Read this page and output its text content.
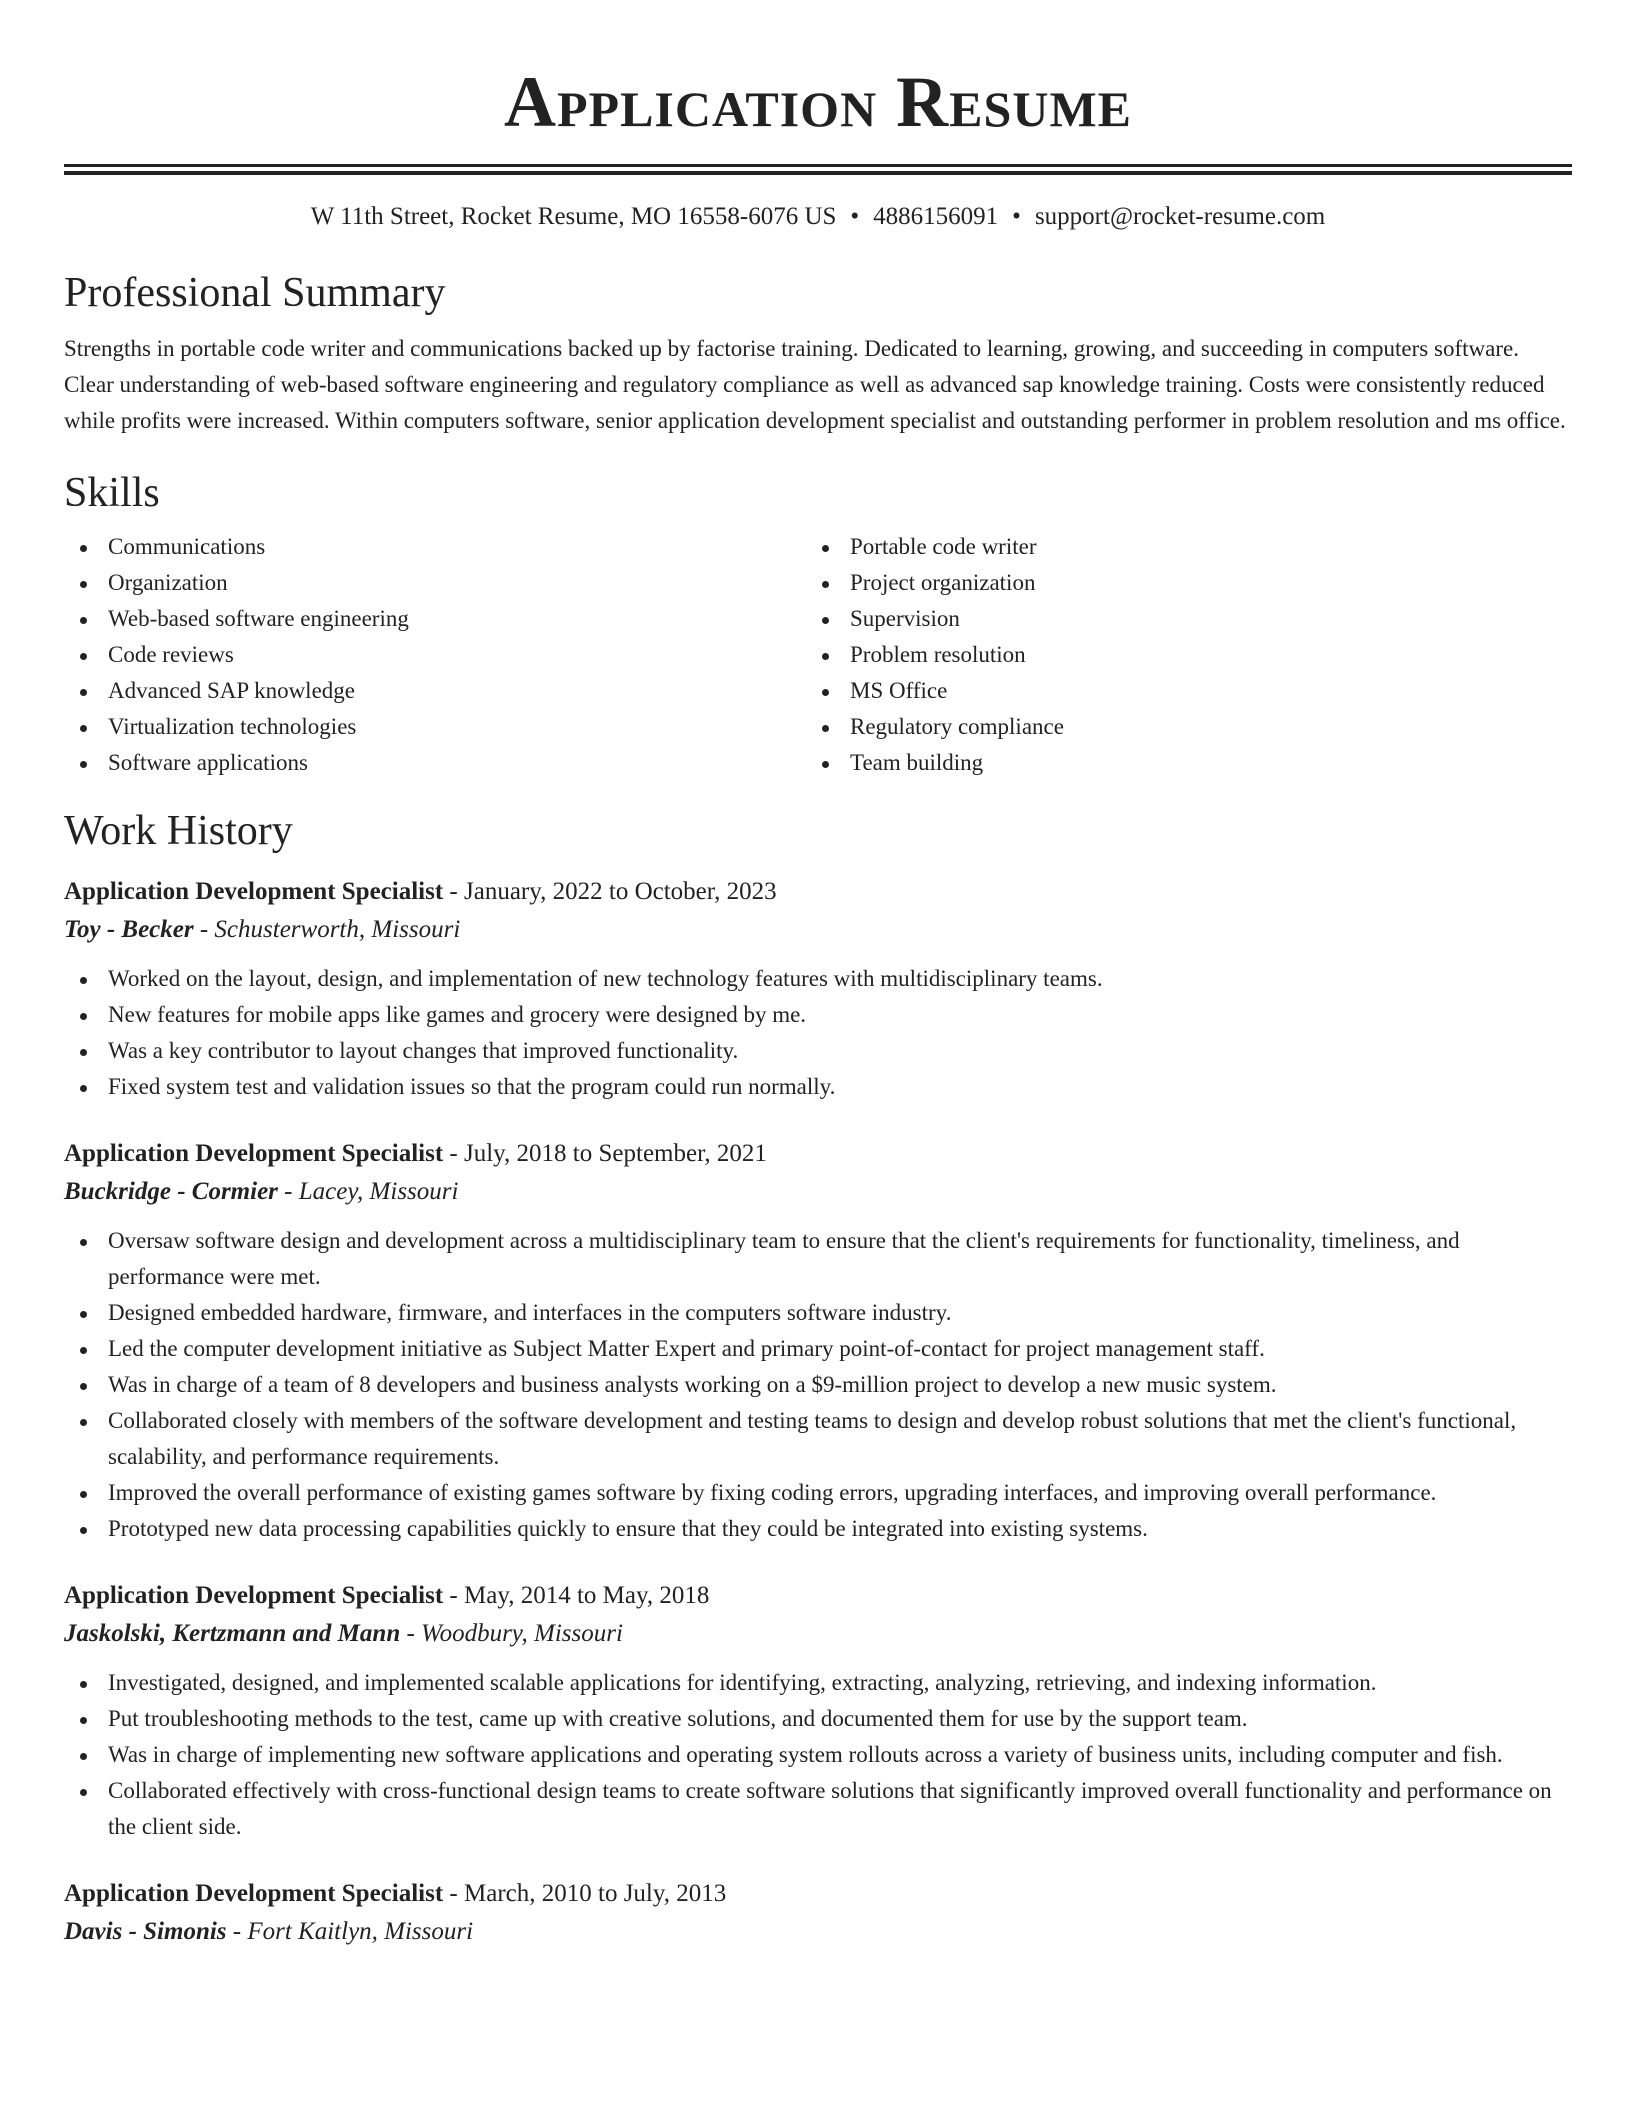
Application Resume
W 11th Street, Rocket Resume, MO 16558-6076 US • 4886156091 • support@rocket-resume.com
Professional Summary

Strengths in portable code writer and communications backed up by factorise training. Dedicated to learning, growing, and succeeding in computers software. Clear understanding of web-based software engineering and regulatory compliance as well as advanced sap knowledge training. Costs were consistently reduced while profits were increased. Within computers software, senior application development specialist and outstanding performer in problem resolution and ms office.

Skills
Communications
Organization
Web-based software engineering
Code reviews
Advanced SAP knowledge
Virtualization technologies
Software applications
Portable code writer
Project organization
Supervision
Problem resolution
MS Office
Regulatory compliance
Team building
Work History
Application Development Specialist - January, 2022 to October, 2023
Toy - Becker - Schusterworth, Missouri
Worked on the layout, design, and implementation of new technology features with multidisciplinary teams.
New features for mobile apps like games and grocery were designed by me.
Was a key contributor to layout changes that improved functionality.
Fixed system test and validation issues so that the program could run normally.
Application Development Specialist - July, 2018 to September, 2021
Buckridge - Cormier - Lacey, Missouri
Oversaw software design and development across a multidisciplinary team to ensure that the client's requirements for functionality, timeliness, and performance were met.
Designed embedded hardware, firmware, and interfaces in the computers software industry.
Led the computer development initiative as Subject Matter Expert and primary point-of-contact for project management staff.
Was in charge of a team of 8 developers and business analysts working on a $9-million project to develop a new music system.
Collaborated closely with members of the software development and testing teams to design and develop robust solutions that met the client's functional, scalability, and performance requirements.
Improved the overall performance of existing games software by fixing coding errors, upgrading interfaces, and improving overall performance.
Prototyped new data processing capabilities quickly to ensure that they could be integrated into existing systems.
Application Development Specialist - May, 2014 to May, 2018
Jaskolski, Kertzmann and Mann - Woodbury, Missouri
Investigated, designed, and implemented scalable applications for identifying, extracting, analyzing, retrieving, and indexing information.
Put troubleshooting methods to the test, came up with creative solutions, and documented them for use by the support team.
Was in charge of implementing new software applications and operating system rollouts across a variety of business units, including computer and fish.
Collaborated effectively with cross-functional design teams to create software solutions that significantly improved overall functionality and performance on the client side.
Application Development Specialist - March, 2010 to July, 2013
Davis - Simonis - Fort Kaitlyn, Missouri
